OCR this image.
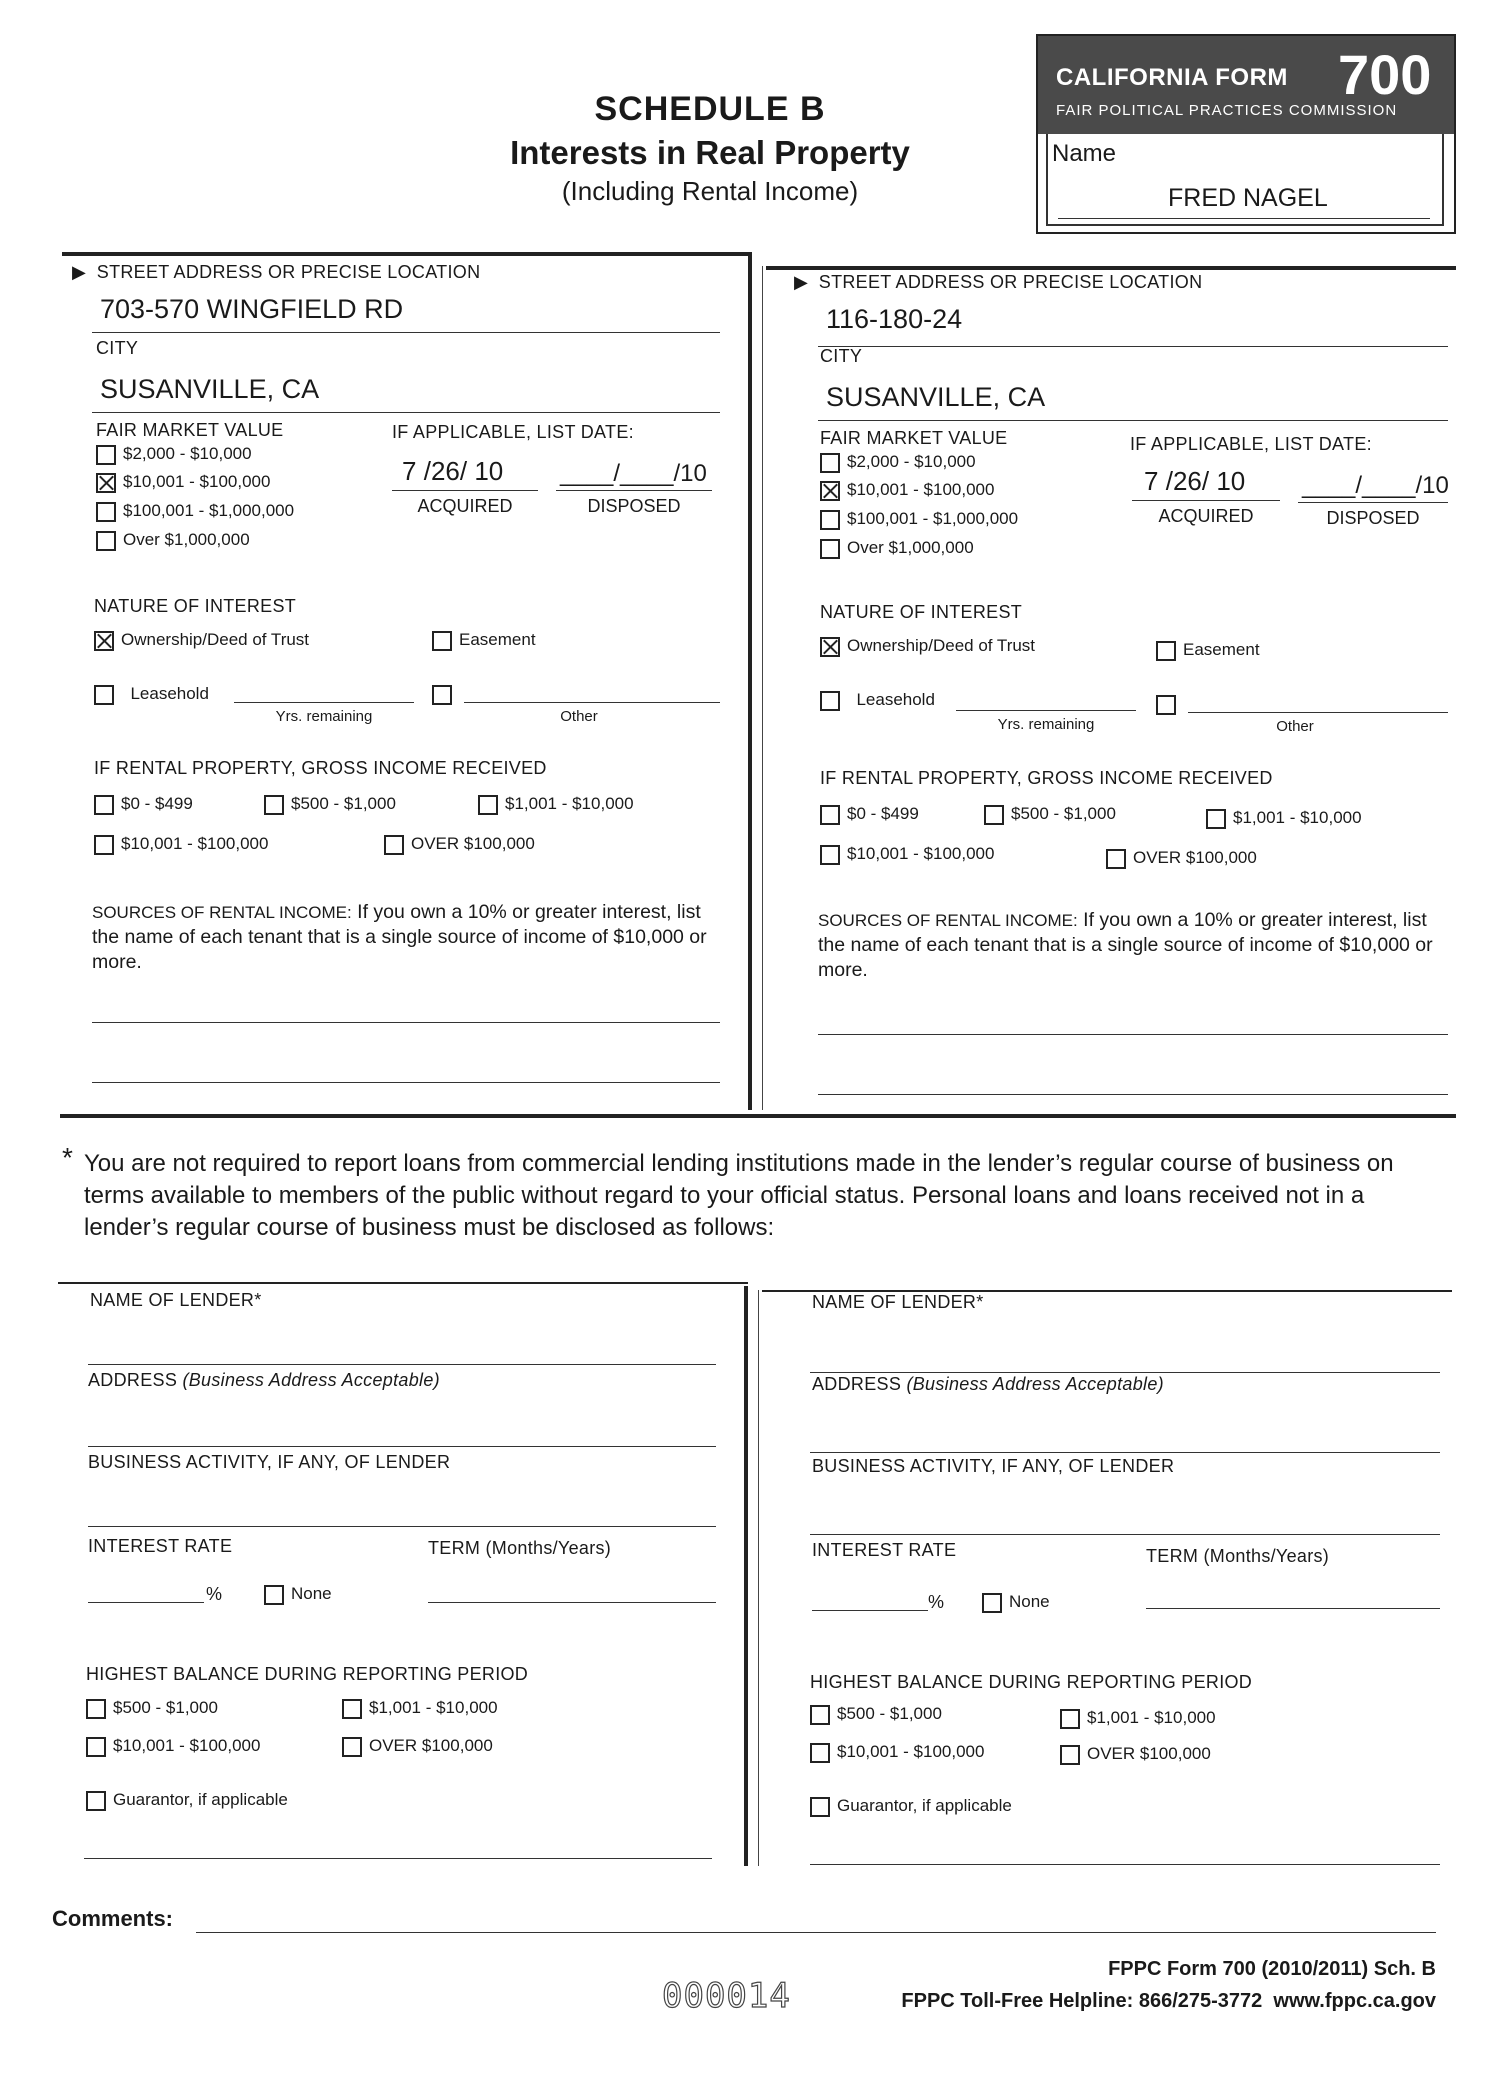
SCHEDULE B
Interests in Real Property
(Including Rental Income)
CALIFORNIA FORM 700
FAIR POLITICAL PRACTICES COMMISSION
Name
FRED NAGEL
▶ STREET ADDRESS OR PRECISE LOCATION
703-570 WINGFIELD RD
CITY
SUSANVILLE, CA
FAIR MARKET VALUE
$2,000 - $10,000
$10,001 - $100,000
$100,001 - $1,000,000
Over $1,000,000
IF APPLICABLE, LIST DATE:
7 /26/ 10
ACQUIRED
____/____/10
DISPOSED
NATURE OF INTEREST
Ownership/Deed of Trust	Easement
Leasehold
Yrs. remaining	Other
IF RENTAL PROPERTY, GROSS INCOME RECEIVED
$0 - $499	$500 - $1,000	$1,001 - $10,000
$10,001 - $100,000	OVER $100,000
SOURCES OF RENTAL INCOME: If you own a 10% or greater interest, list the name of each tenant that is a single source of income of $10,000 or more.
▶ STREET ADDRESS OR PRECISE LOCATION
116-180-24
CITY
SUSANVILLE, CA
FAIR MARKET VALUE
$2,000 - $10,000
$10,001 - $100,000
$100,001 - $1,000,000
Over $1,000,000
IF APPLICABLE, LIST DATE:
7 /26/ 10
ACQUIRED
____/____/10
DISPOSED
NATURE OF INTEREST
Ownership/Deed of Trust	Easement
Leasehold
Yrs. remaining	Other
IF RENTAL PROPERTY, GROSS INCOME RECEIVED
$0 - $499	$500 - $1,000	$1,001 - $10,000
$10,001 - $100,000	OVER $100,000
SOURCES OF RENTAL INCOME: If you own a 10% or greater interest, list the name of each tenant that is a single source of income of $10,000 or more.
* You are not required to report loans from commercial lending institutions made in the lender’s regular course of business on terms available to members of the public without regard to your official status. Personal loans and loans received not in a lender’s regular course of business must be disclosed as follows:
NAME OF LENDER*
ADDRESS (Business Address Acceptable)
BUSINESS ACTIVITY, IF ANY, OF LENDER
INTEREST RATE	TERM (Months/Years)
%	None
HIGHEST BALANCE DURING REPORTING PERIOD
$500 - $1,000	$1,001 - $10,000
$10,001 - $100,000	OVER $100,000
Guarantor, if applicable
NAME OF LENDER*
ADDRESS (Business Address Acceptable)
BUSINESS ACTIVITY, IF ANY, OF LENDER
INTEREST RATE	TERM (Months/Years)
%	None
HIGHEST BALANCE DURING REPORTING PERIOD
$500 - $1,000	$1,001 - $10,000
$10,001 - $100,000	OVER $100,000
Guarantor, if applicable
Comments:
FPPC Form 700 (2010/2011) Sch. B
000014	FPPC Toll-Free Helpline: 866/275-3772  www.fppc.ca.gov
